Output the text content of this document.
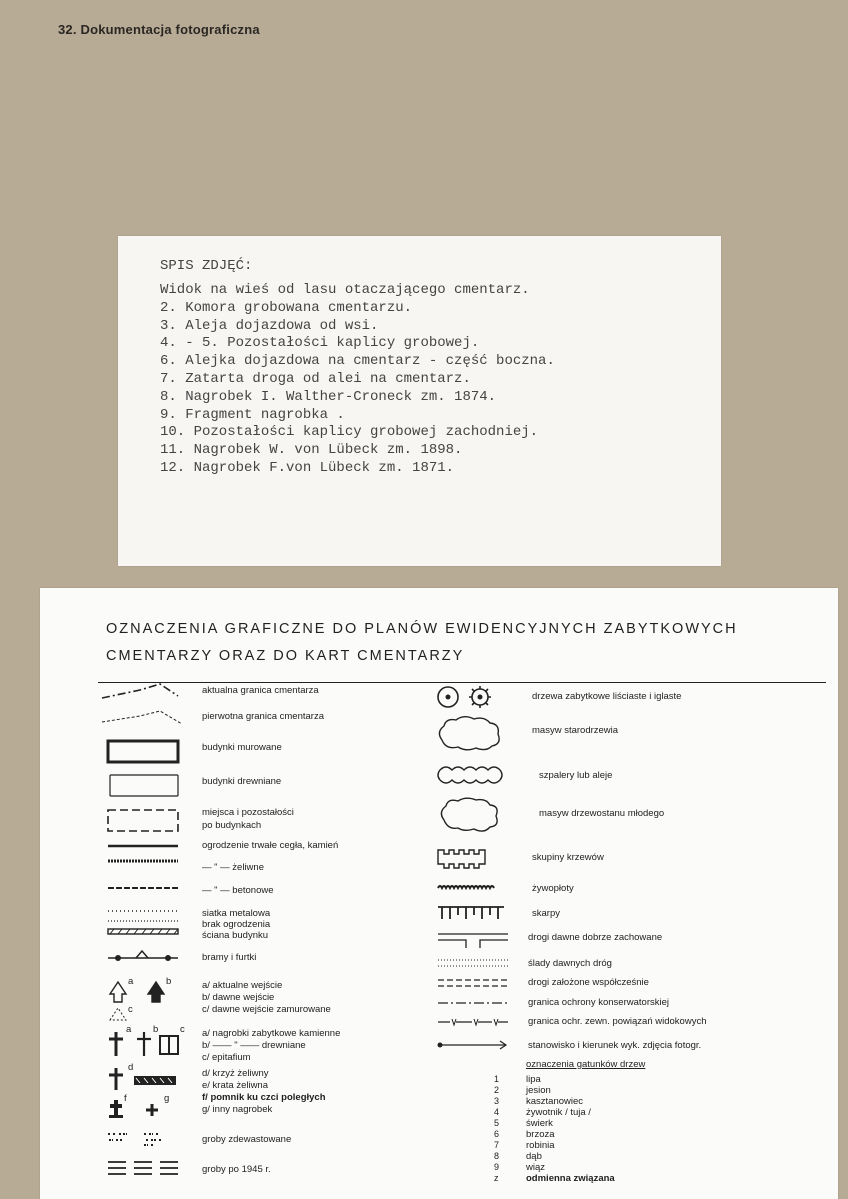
32. Dokumentacja fotograficzna
SPIS ZDJĘĆ:
Widok na wieś od lasu otaczającego cmentarz.
2. Komora grobowana cmentarzu.
3. Aleja dojazdowa od wsi.
4. - 5. Pozostałości kaplicy grobowej.
6. Alejka dojazdowa na cmentarz - część boczna.
7. Zatarta droga od alei na cmentarz.
8. Nagrobek I. Walther-Croneck zm. 1874.
9. Fragment nagrobka .
10. Pozostałości kaplicy grobowej zachodniej.
11. Nagrobek W. von Lübeck zm. 1898.
12. Nagrobek F.von Lübeck zm. 1871.
OZNACZENIA GRAFICZNE DO PLANÓW EWIDENCYJNYCH ZABYTKOWYCH
CMENTARZY ORAZ DO KART CMENTARZY
a	b
c
a b c
d
f	g
aktualna granica cmentarza
pierwotna granica cmentarza
budynki murowane
budynki drewniane
miejsca i pozostałości
po budynkach
ogrodzenie trwałe cegła, kamień
— " — żeliwne
— " — betonowe
siatka metalowa
brak ogrodzenia
ściana budynku
bramy i furtki
a/ aktualne wejście
b/ dawne wejście
c/ dawne wejście zamurowane
a/ nagrobki zabytkowe kamienne
b/ —— " —— drewniane
c/ epitafium
d/ krzyż żeliwny
e/ krata żeliwna
f/ pomnik ku czci poległych
g/ inny nagrobek
groby zdewastowane
groby po 1945 r.
drzewa zabytkowe liściaste i iglaste
masyw starodrzewia
szpalery lub aleje
masyw drzewostanu młodego
skupiny krzewów
żywopłoty
skarpy
drogi dawne dobrze zachowane
ślady dawnych dróg
drogi założone współcześnie
granica ochrony konserwatorskiej
granica ochr. zewn. powiązań widokowych
stanowisko i kierunek wyk. zdjęcia fotogr.
oznaczenia gatunków drzew
1
2
3
4
5
6
7
8
9
z
lipa
jesion
kasztanowiec
żywotnik / tuja /
świerk
brzoza
robinia
dąb
wiąz
odmienna związana
